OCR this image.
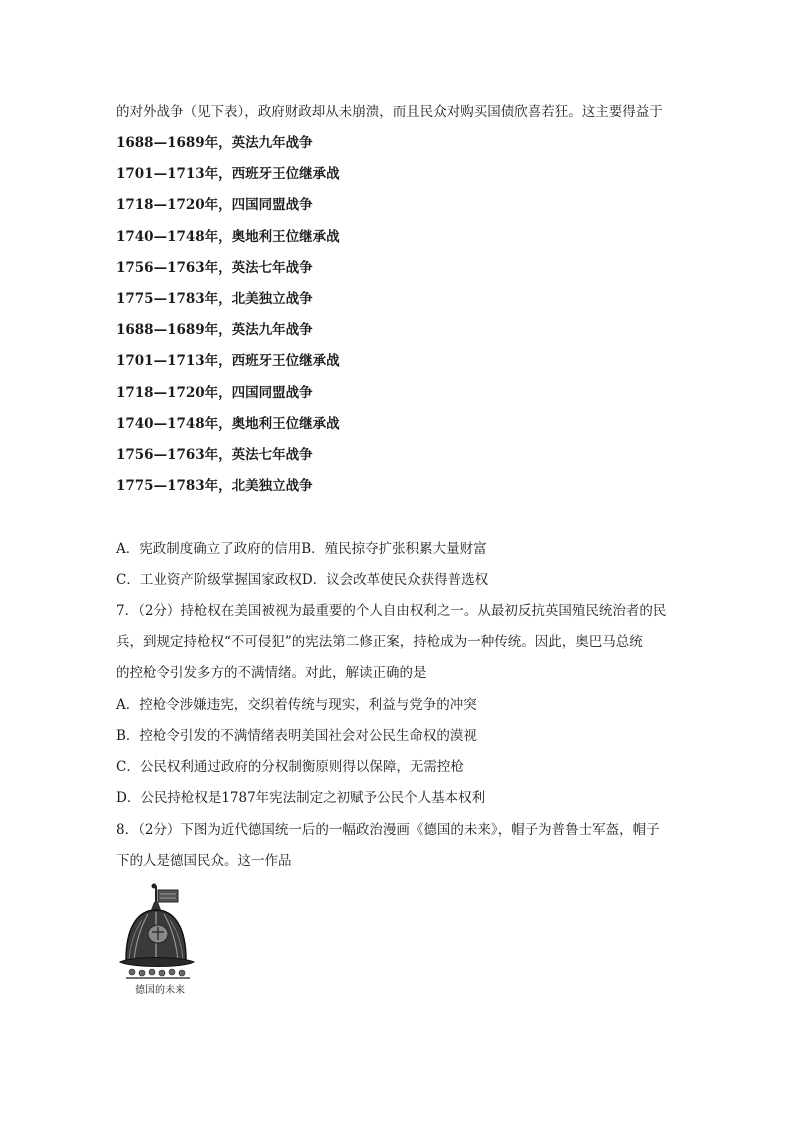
的对外战争（见下表），政府财政却从未崩溃，而且民众对购买国债欣喜若狂。这主要得益于
1688—1689年，英法九年战争
1701—1713年，西班牙王位继承战
1718—1720年，四国同盟战争
1740—1748年，奥地利王位继承战
1756—1763年，英法七年战争
1775—1783年，北美独立战争
1688—1689年，英法九年战争
1701—1713年，西班牙王位继承战
1718—1720年，四国同盟战争
1740—1748年，奥地利王位继承战
1756—1763年，英法七年战争
1775—1783年，北美独立战争
A．宪政制度确立了政府的信用B．殖民掠夺扩张积累大量财富
C．工业资产阶级掌握国家政权D．议会改革使民众获得普选权
7．（2分）持枪权在美国被视为最重要的个人自由权利之一。从最初反抗英国殖民统治者的民
兵，到规定持枪权“不可侵犯”的宪法第二修正案，持枪成为一种传统。因此，奥巴马总统
的控枪令引发多方的不满情绪。对此，解读正确的是
A．控枪令涉嫌违宪，交织着传统与现实，利益与党争的冲突
B．控枪令引发的不满情绪表明美国社会对公民生命权的漠视
C．公民权利通过政府的分权制衡原则得以保障，无需控枪
D．公民持枪权是1787年宪法制定之初赋予公民个人基本权利
8．（2分）下图为近代德国统一后的一幅政治漫画《德国的未来》，帽子为普鲁士军盔，帽子
下的人是德国民众。这一作品
德国的未来
